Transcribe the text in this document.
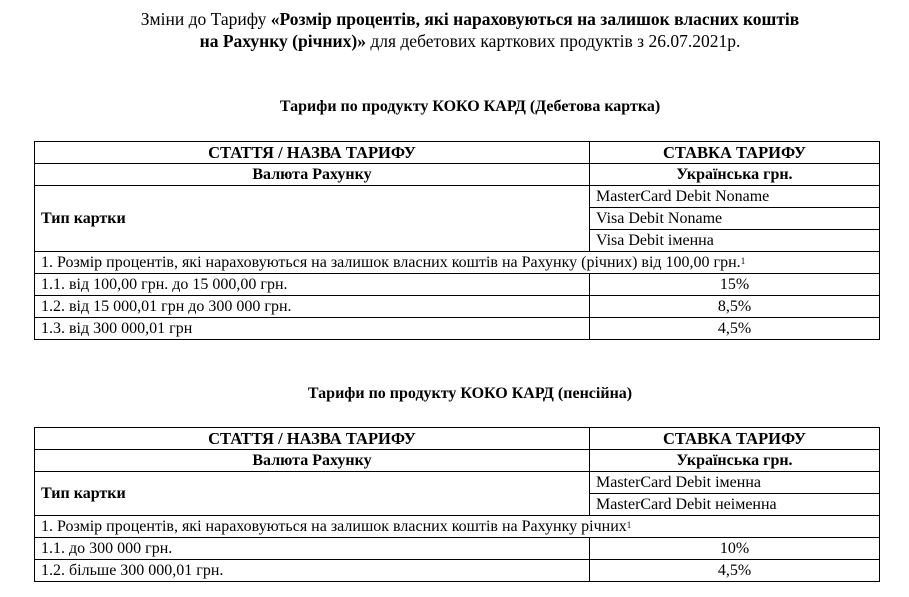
Зміни до Тарифу «Розмір процентів, які нараховуються на залишок власних коштів
на Рахунку (річних)» для дебетових карткових продуктів з 26.07.2021р.
Тарифи по продукту КОКО КАРД (Дебетова картка)
СТАТТЯ / НАЗВА ТАРИФУ	СТАВКА ТАРИФУ
Валюта Рахунку	Українська грн.
Тип картки	MasterCard Debit Noname
	Visa Debit Noname
	Visa Debit іменна
1. Розмір процентів, які нараховуються на залишок власних коштів на Рахунку (річних) від 100,00 грн.$^1$
1.1. від 100,00 грн. до 15 000,00 грн.	15%
1.2. від 15 000,01 грн до 300 000 грн.	8,5%
1.3. від 300 000,01 грн	4,5%
Тарифи по продукту КОКО КАРД (пенсійна)
СТАТТЯ / НАЗВА ТАРИФУ	СТАВКА ТАРИФУ
Валюта Рахунку	Українська грн.
Тип картки	MasterCard Debit іменна
	MasterCard Debit неіменна
1. Розмір процентів, які нараховуються на залишок власних коштів на Рахунку річних$^1$
1.1. до 300 000 грн.	10%
1.2. більше 300 000,01 грн.	4,5%
